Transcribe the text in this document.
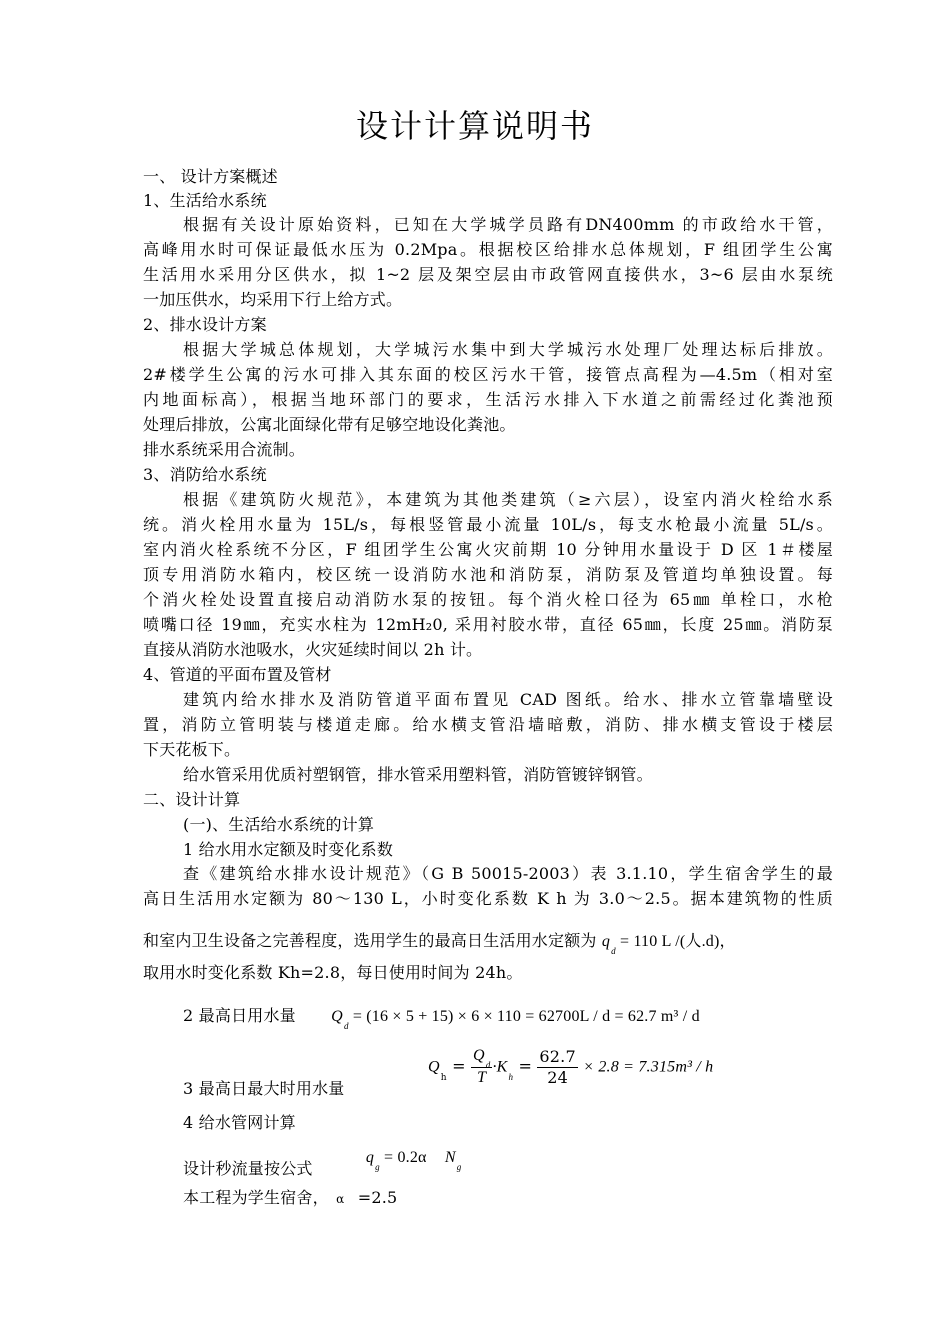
设计计算说明书
一、 设计方案概述
1、生活给水系统
根据有关设计原始资料，已知在大学城学员路有DN400mm 的市政给水干管，
高峰用水时可保证最低水压为 0.2Mpa。根据校区给排水总体规划，F 组团学生公寓
生活用水采用分区供水，拟 1~2 层及架空层由市政管网直接供水，3~6 层由水泵统
一加压供水，均采用下行上给方式。
2、排水设计方案
根据大学城总体规划，大学城污水集中到大学城污水处理厂处理达标后排放。
2#楼学生公寓的污水可排入其东面的校区污水干管，接管点高程为—4.5m（相对室
内地面标高），根据当地环部门的要求，生活污水排入下水道之前需经过化粪池预
处理后排放，公寓北面绿化带有足够空地设化粪池。
排水系统采用合流制。
3、消防给水系统
根据《建筑防火规范》，本建筑为其他类建筑（≥六层），设室内消火栓给水系
统。消火栓用水量为 15L/s，每根竖管最小流量 10L/s，每支水枪最小流量 5L/s。
室内消火栓系统不分区，F 组团学生公寓火灾前期 10 分钟用水量设于 D 区 1＃楼屋
顶专用消防水箱内，校区统一设消防水池和消防泵，消防泵及管道均单独设置。每
个消火栓处设置直接启动消防水泵的按钮。每个消火栓口径为 65㎜ 单栓口，水枪
喷嘴口径 19㎜，充实水柱为 12mH₂0, 采用衬胶水带，直径 65㎜，长度 25㎜。消防泵
直接从消防水池吸水，火灾延续时间以 2h 计。
4、管道的平面布置及管材
建筑内给水排水及消防管道平面布置见 CAD 图纸。给水、排水立管靠墙壁设
置，消防立管明装与楼道走廊。给水横支管沿墙暗敷，消防、排水横支管设于楼层
下天花板下。
给水管采用优质衬塑钢管，排水管采用塑料管，消防管镀锌钢管。
二、设计计算
(一)、生活给水系统的计算
1 给水用水定额及时变化系数
查《建筑给水排水设计规范》（G B 50015-2003）表 3.1.10，学生宿舍学生的最
高日生活用水定额为 80～130 L，小时变化系数 K h 为 3.0～2.5。据本建筑物的性质
和室内卫生设备之完善程度，选用学生的最高日生活用水定额为 $q_d = 110$ L /(人.d)，
取用水时变化系数 Kh=2.8，每日使用时间为 24h。
2 最高日用水量 $Q_d = (16 \times 5 + 15) \times 6 \times 110 = 62700L / d = 62.7$ m³ / d
$Q_h = \frac{Q_d}{T} \cdot K_h = \frac{62.7}{24} \times 2.8 = 7.315m^3 / h$
3 最高日最大时用水量
4 给水管网计算
设计秒流量按公式 $q_g = 0.2\alpha$ $N_g$
本工程为学生宿舍， α =2.5
